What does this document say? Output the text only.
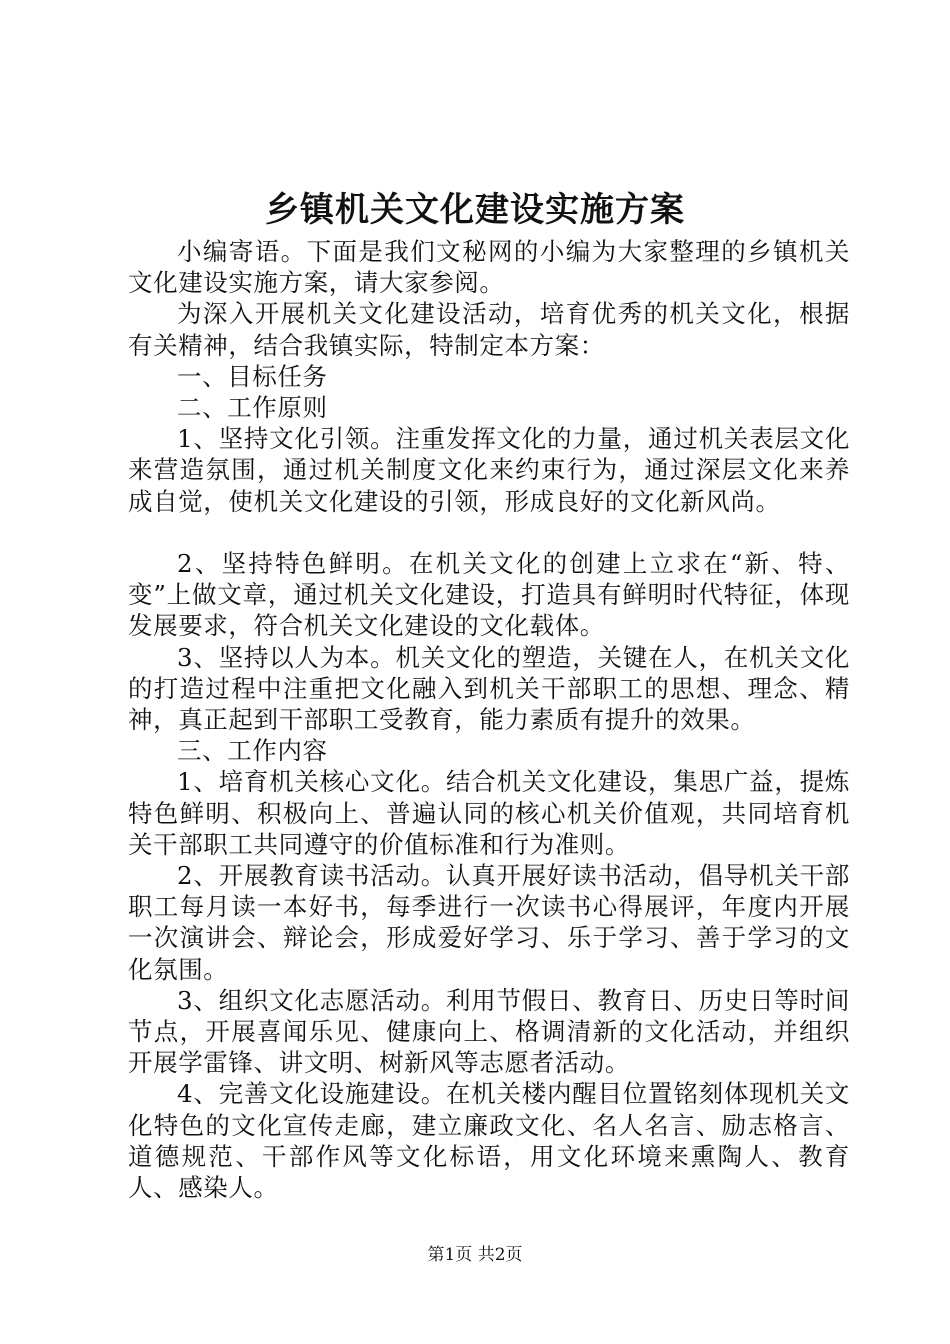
乡镇机关文化建设实施方案

小编寄语。下面是我们文秘网的小编为大家整理的乡镇机关文化建设实施方案，请大家参阅。

为深入开展机关文化建设活动，培育优秀的机关文化，根据有关精神，结合我镇实际，特制定本方案：

一、目标任务

二、工作原则

1、坚持文化引领。注重发挥文化的力量，通过机关表层文化来营造氛围，通过机关制度文化来约束行为，通过深层文化来养成自觉，使机关文化建设的引领，形成良好的文化新风尚。

2、坚持特色鲜明。在机关文化的创建上立求在“新、特、变”上做文章，通过机关文化建设，打造具有鲜明时代特征，体现发展要求，符合机关文化建设的文化载体。

3、坚持以人为本。机关文化的塑造，关键在人，在机关文化的打造过程中注重把文化融入到机关干部职工的思想、理念、精神，真正起到干部职工受教育，能力素质有提升的效果。

三、工作内容

1、培育机关核心文化。结合机关文化建设，集思广益，提炼特色鲜明、积极向上、普遍认同的核心机关价值观，共同培育机关干部职工共同遵守的价值标准和行为准则。

2、开展教育读书活动。认真开展好读书活动，倡导机关干部职工每月读一本好书，每季进行一次读书心得展评，年度内开展一次演讲会、辩论会，形成爱好学习、乐于学习、善于学习的文化氛围。

3、组织文化志愿活动。利用节假日、教育日、历史日等时间节点，开展喜闻乐见、健康向上、格调清新的文化活动，并组织开展学雷锋、讲文明、树新风等志愿者活动。

4、完善文化设施建设。在机关楼内醒目位置铭刻体现机关文化特色的文化宣传走廊，建立廉政文化、名人名言、励志格言、道德规范、干部作风等文化标语，用文化环境来熏陶人、教育人、感染人。

第1页 共2页
